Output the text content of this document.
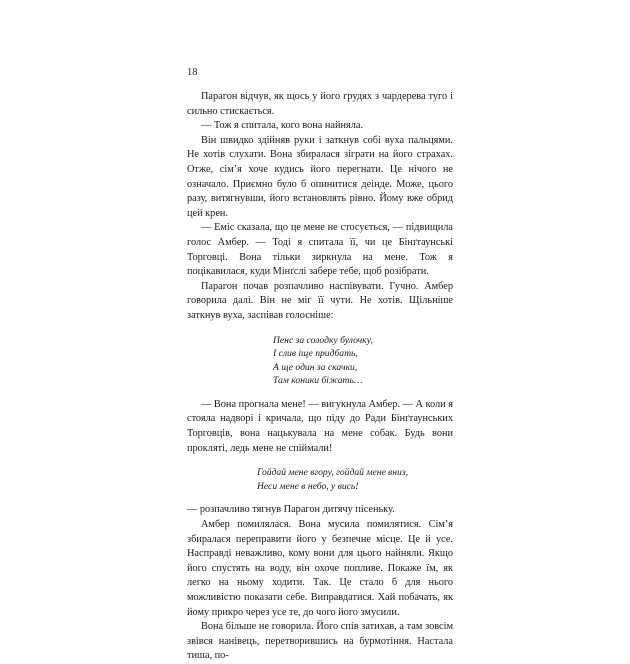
18

Парагон відчув, як щось у його грудях з чардерева туго і сильно стискається.

— Тож я спитала, кого вона найняла.

Він швидко здійняв руки і заткнув собі вуха пальцями. Не хотів слухати. Вона збиралася зіграти на його страхах. Отже, сім’я хоче кудись його перегнати. Це нічого не означало. Приємно було б опинитися деінде. Може, цього разу, витягнувши, його встановлять рівно. Йому вже обрид цей крен.

— Еміс сказала, що це мене не стосується, — підвищила голос Амбер. — Тоді я спитала її, чи це Бінґтаунські Торговці. Вона тільки зиркнула на мене. Тож я поцікавилася, куди Мінґслі забере тебе, щоб розібрати.

Парагон почав розпачливо наспівувати. Гучно. Амбер говорила далі. Він не міг її чути. Не хотів. Щільніше заткнув вуха, заспівав голосніше:

Пенс за солодку булочку,
І слив іще придбать,
А ще один за скачки,
Там коники біжать…

— Вона прогнала мене! — вигукнула Амбер. — А коли я стояла надворі і кричала, що піду до Ради Бінґтаунських Торговців, вона нацькувала на мене собак. Будь вони прокляті, ледь мене не спіймали!

Гойдай мене вгору, гойдай мене вниз,
Неси мене в небо, у вись!

— розпачливо тягнув Парагон дитячу пісеньку.

Амбер помилялася. Вона мусила помилятися. Сім’я збиралася переправити його у безпечне місце. Це й усе. Насправді неважливо, кому вони для цього найняли. Якщо його спустять на воду, він охоче попливе. Покаже їм, як легко на ньому ходити. Так. Це стало б для нього можливістю показати себе. Виправдатися. Хай побачать, як йому прикро через усе те, до чого його змусили.

Вона більше не говорила. Його спів затихав, а там зовсім звівся нанівець, перетворившись на бурмотіння. Настала тиша, по-
